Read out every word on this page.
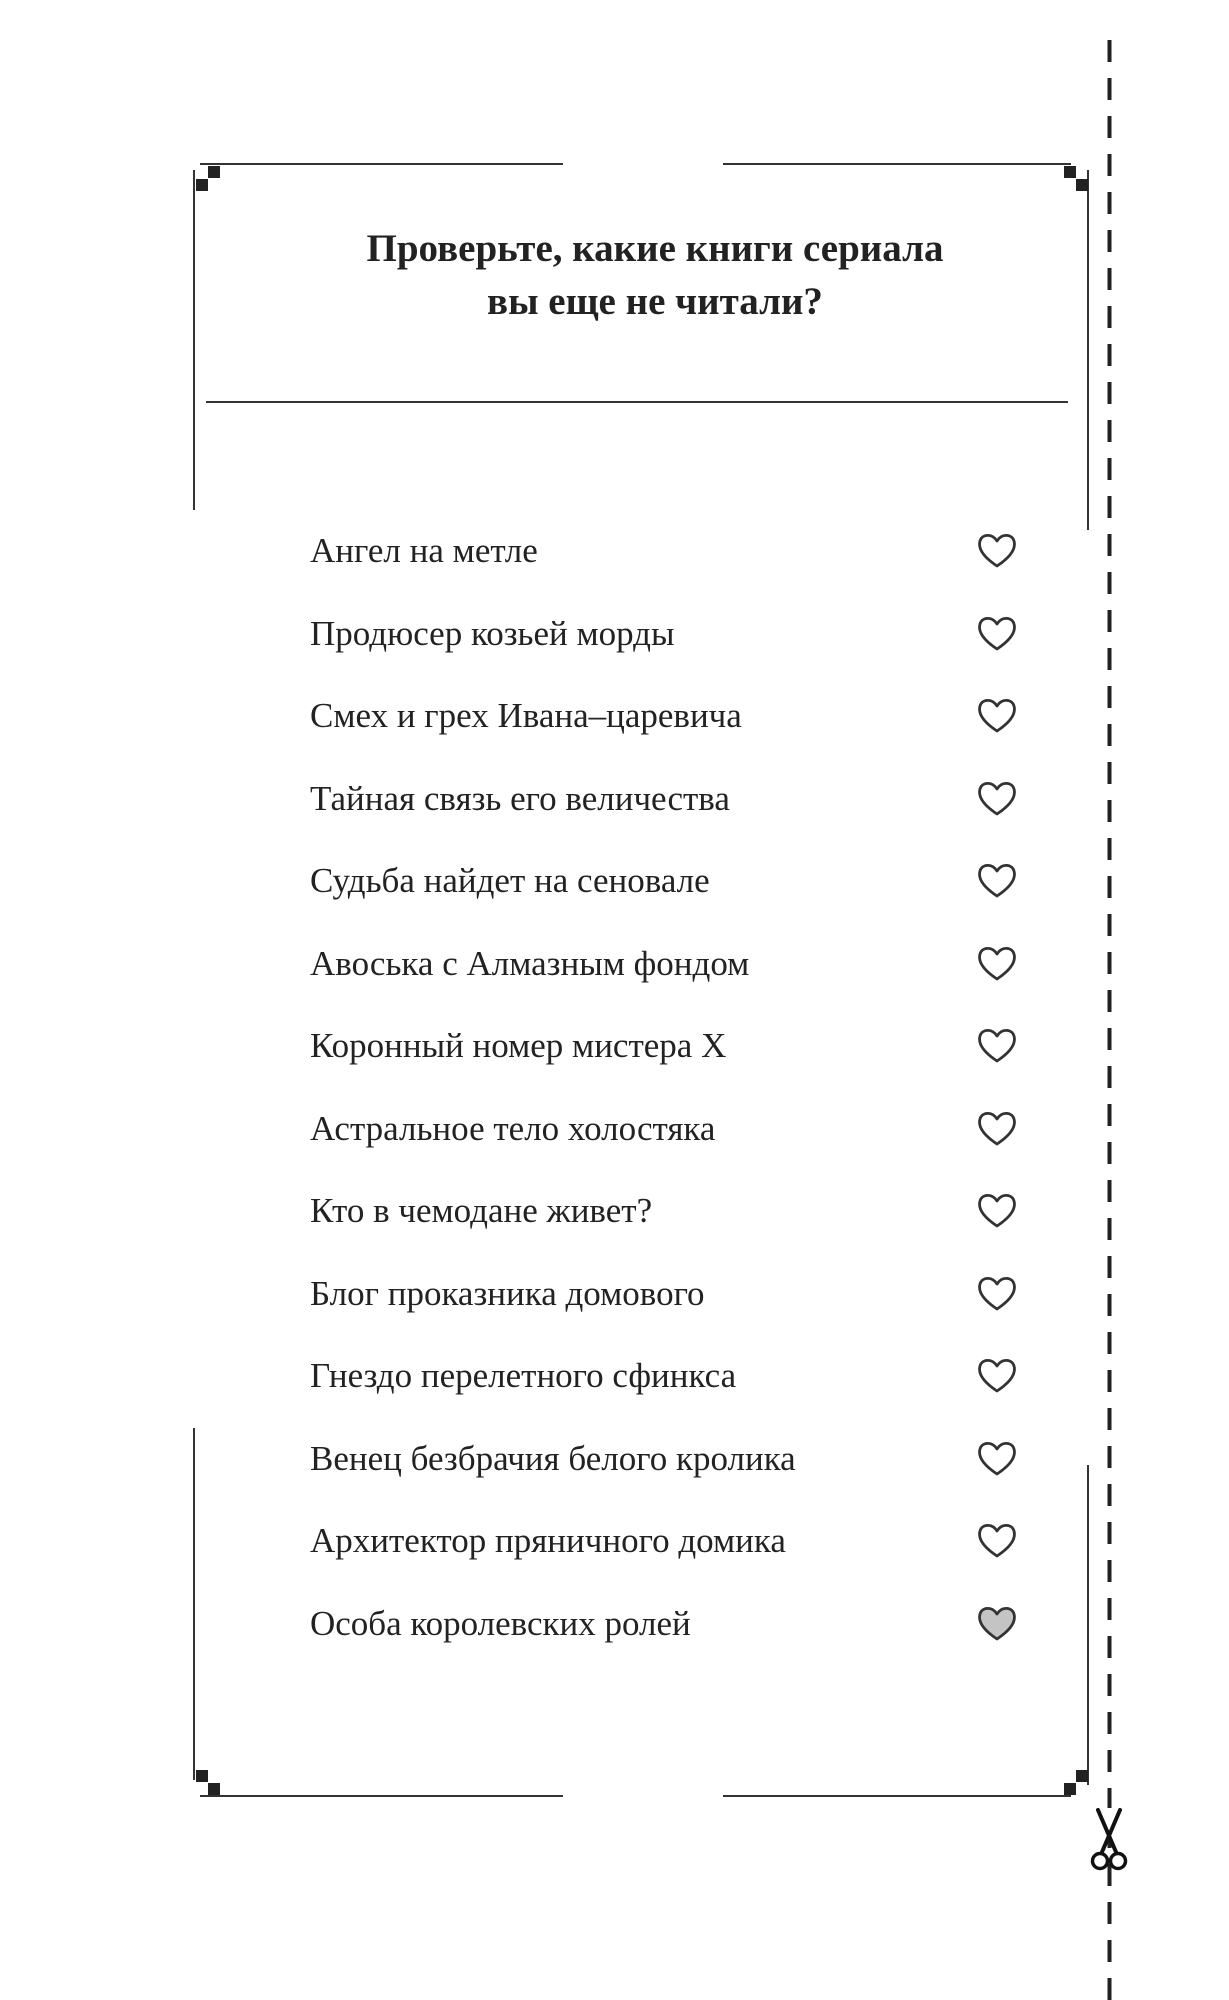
Проверьте, какие книги сериала
вы еще не читали?
Ангел на метле
Продюсер козьей морды
Смех и грех Ивана–царевича
Тайная связь его величества
Судьба найдет на сеновале
Авоська с Алмазным фондом
Коронный номер мистера Х
Астральное тело холостяка
Кто в чемодане живет?
Блог проказника домового
Гнездо перелетного сфинкса
Венец безбрачия белого кролика
Архитектор пряничного домика
Особа королевских ролей
